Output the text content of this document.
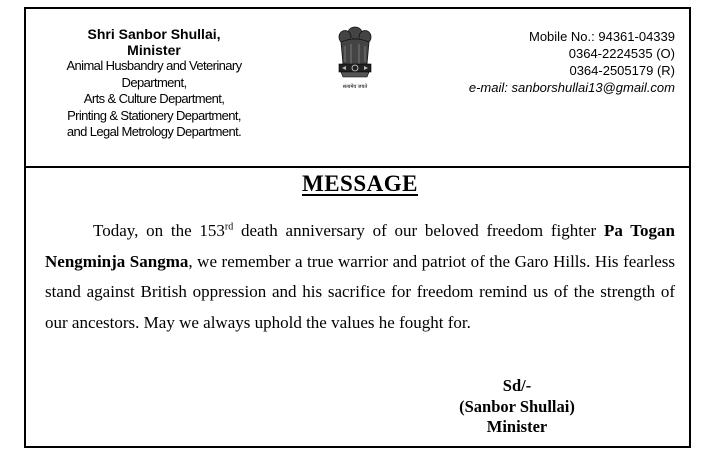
Shri Sanbor Shullai,
Minister
Animal Husbandry and Veterinary
Department,
Arts & Culture Department,
Printing & Stationery Department,
and Legal Metrology Department.
सत्यमेव जयते
Mobile No.: 94361-04339
0364-2224535 (O)
0364-2505179 (R)
e-mail: sanborshullai13@gmail.com
MESSAGE

Today, on the 153rd death anniversary of our beloved freedom fighter Pa Togan Nengminja Sangma, we remember a true warrior and patriot of the Garo Hills. His fearless stand against British oppression and his sacrifice for freedom remind us of the strength of our ancestors. May we always uphold the values he fought for.

Sd/-
(Sanbor Shullai)
Minister
